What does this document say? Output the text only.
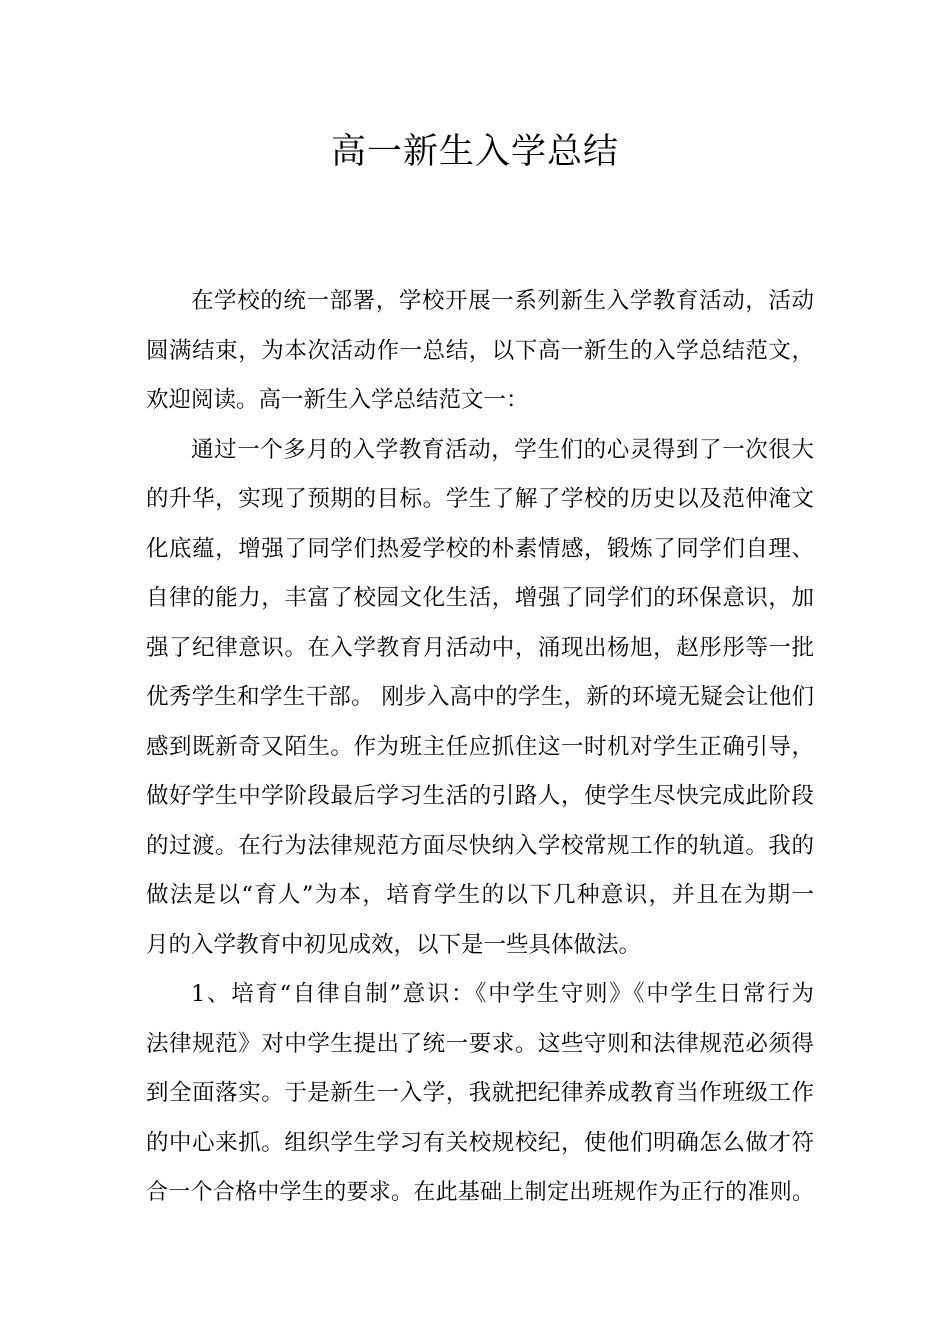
高一新生入学总结
在学校的统一部署，学校开展一系列新生入学教育活动，活动
圆满结束，为本次活动作一总结，以下高一新生的入学总结范文，
欢迎阅读。高一新生入学总结范文一：
通过一个多月的入学教育活动，学生们的心灵得到了一次很大
的升华，实现了预期的目标。学生了解了学校的历史以及范仲淹文
化底蕴，增强了同学们热爱学校的朴素情感，锻炼了同学们自理、
自律的能力，丰富了校园文化生活，增强了同学们的环保意识，加
强了纪律意识。在入学教育月活动中，涌现出杨旭，赵彤彤等一批
优秀学生和学生干部。 刚步入高中的学生，新的环境无疑会让他们
感到既新奇又陌生。作为班主任应抓住这一时机对学生正确引导，
做好学生中学阶段最后学习生活的引路人，使学生尽快完成此阶段
的过渡。在行为法律规范方面尽快纳入学校常规工作的轨道。我的
做法是以“育人”为本，培育学生的以下几种意识，并且在为期一
月的入学教育中初见成效，以下是一些具体做法。
1、培育“自律自制”意识：《中学生守则》《中学生日常行为
法律规范》对中学生提出了统一要求。这些守则和法律规范必须得
到全面落实。于是新生一入学，我就把纪律养成教育当作班级工作
的中心来抓。组织学生学习有关校规校纪，使他们明确怎么做才符
合一个合格中学生的要求。在此基础上制定出班规作为正行的准则。
